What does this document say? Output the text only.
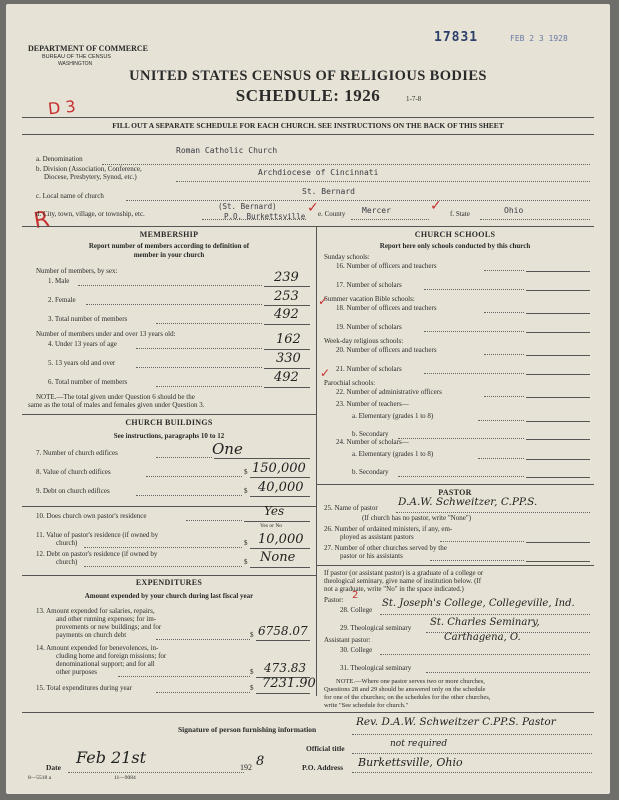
DEPARTMENT OF COMMERCE
BUREAU OF THE CENSUS
WASHINGTON
17831	FEB 2 3 1928
UNITED STATES CENSUS OF RELIGIOUS BODIES
SCHEDULE: 1926	1-7-8
D 3
R
FILL OUT A SEPARATE SCHEDULE FOR EACH CHURCH. SEE INSTRUCTIONS ON THE BACK OF THIS SHEET
a. Denomination
Roman Catholic Church
b. Division (Association, Conference,
Diocese, Presbytery, Synod, etc.)	Archdiocese of Cincinnati
c. Local name of church	St. Bernard
d. City, town, village, or township, etc.
(St. Bernard)
P.O. Burkettsville
✓ e. County Mercer	✓ f. State	Ohio
MEMBERSHIP
Report number of members according to definition of
member in your church
Number of members, by sex:
1. Male	239
2. Female	253
3. Total number of members	492
Number of members under and over 13 years old:
4. Under 13 years of age	162
5. 13 years old and over	330
6. Total number of members	492
NOTE.—The total given under Question 6 should be the
same as the total of males and females given under Question 3.
CHURCH BUILDINGS
See instructions, paragraphs 10 to 12
7. Number of church edifices	One
8. Value of church edifices	$ 150,000
9. Debt on church edifices	$ 40,000
10. Does church own pastor's residence	Yes
Yes or No
11. Value of pastor's residence (if owned by
church)	$ 10,000
12. Debt on pastor's residence (if owned by
church)	$ None
EXPENDITURES
Amount expended by your church during last fiscal year
13. Amount expended for salaries, repairs,
and other running expenses; for im-
provements or new buildings; and for
payments on church debt	$ 6758.07
14. Amount expended for benevolences, in-
cluding home and foreign missions; for
denominational support; and for all
other purposes	$ 473.83
15. Total expenditures during year	$ 7231.90
CHURCH SCHOOLS
Report here only schools conducted by this church
Sunday schools:
16. Number of officers and teachers
17. Number of scholars
Summer vacation Bible schools:
18. Number of officers and teachers
19. Number of scholars
Week-day religious schools:
20. Number of officers and teachers
21. Number of scholars
Parochial schools:
22. Number of administrative officers
23. Number of teachers—
a. Elementary (grades 1 to 8)
b. Secondary
24. Number of scholars—
a. Elementary (grades 1 to 8)
b. Secondary
PASTOR
25. Name of pastor D.A.W. Schweitzer, C.PP.S.
(If church has no pastor, write "None")
26. Number of ordained ministers, if any, em-
ployed as assistant pastors
27. Number of other churches served by the
pastor or his assistants
If pastor (or assistant pastor) is a graduate of a college or
theological seminary, give name of institution below. (If
not a graduate, write "No" in the space indicated.)
Pastor: 2
28. College
St. Joseph's College, Collegeville, Ind.
29. Theological seminary St. Charles Seminary,
Carthagena, O.
Assistant pastor:
30. College
31. Theological seminary
NOTE.—Where one pastor serves two or more churches,
Questions 28 and 29 should be answered only on the schedule
for one of the churches; on the schedules for the other churches,
write "See schedule for church."
Signature of person furnishing information
Rev. D.A.W. Schweitzer C.PP.S. Pastor
Official title	not required
Date
Feb 21st
192 8	P.O. Address Burkettsville, Ohio
8—5518 a	11—9084
✓
✓
